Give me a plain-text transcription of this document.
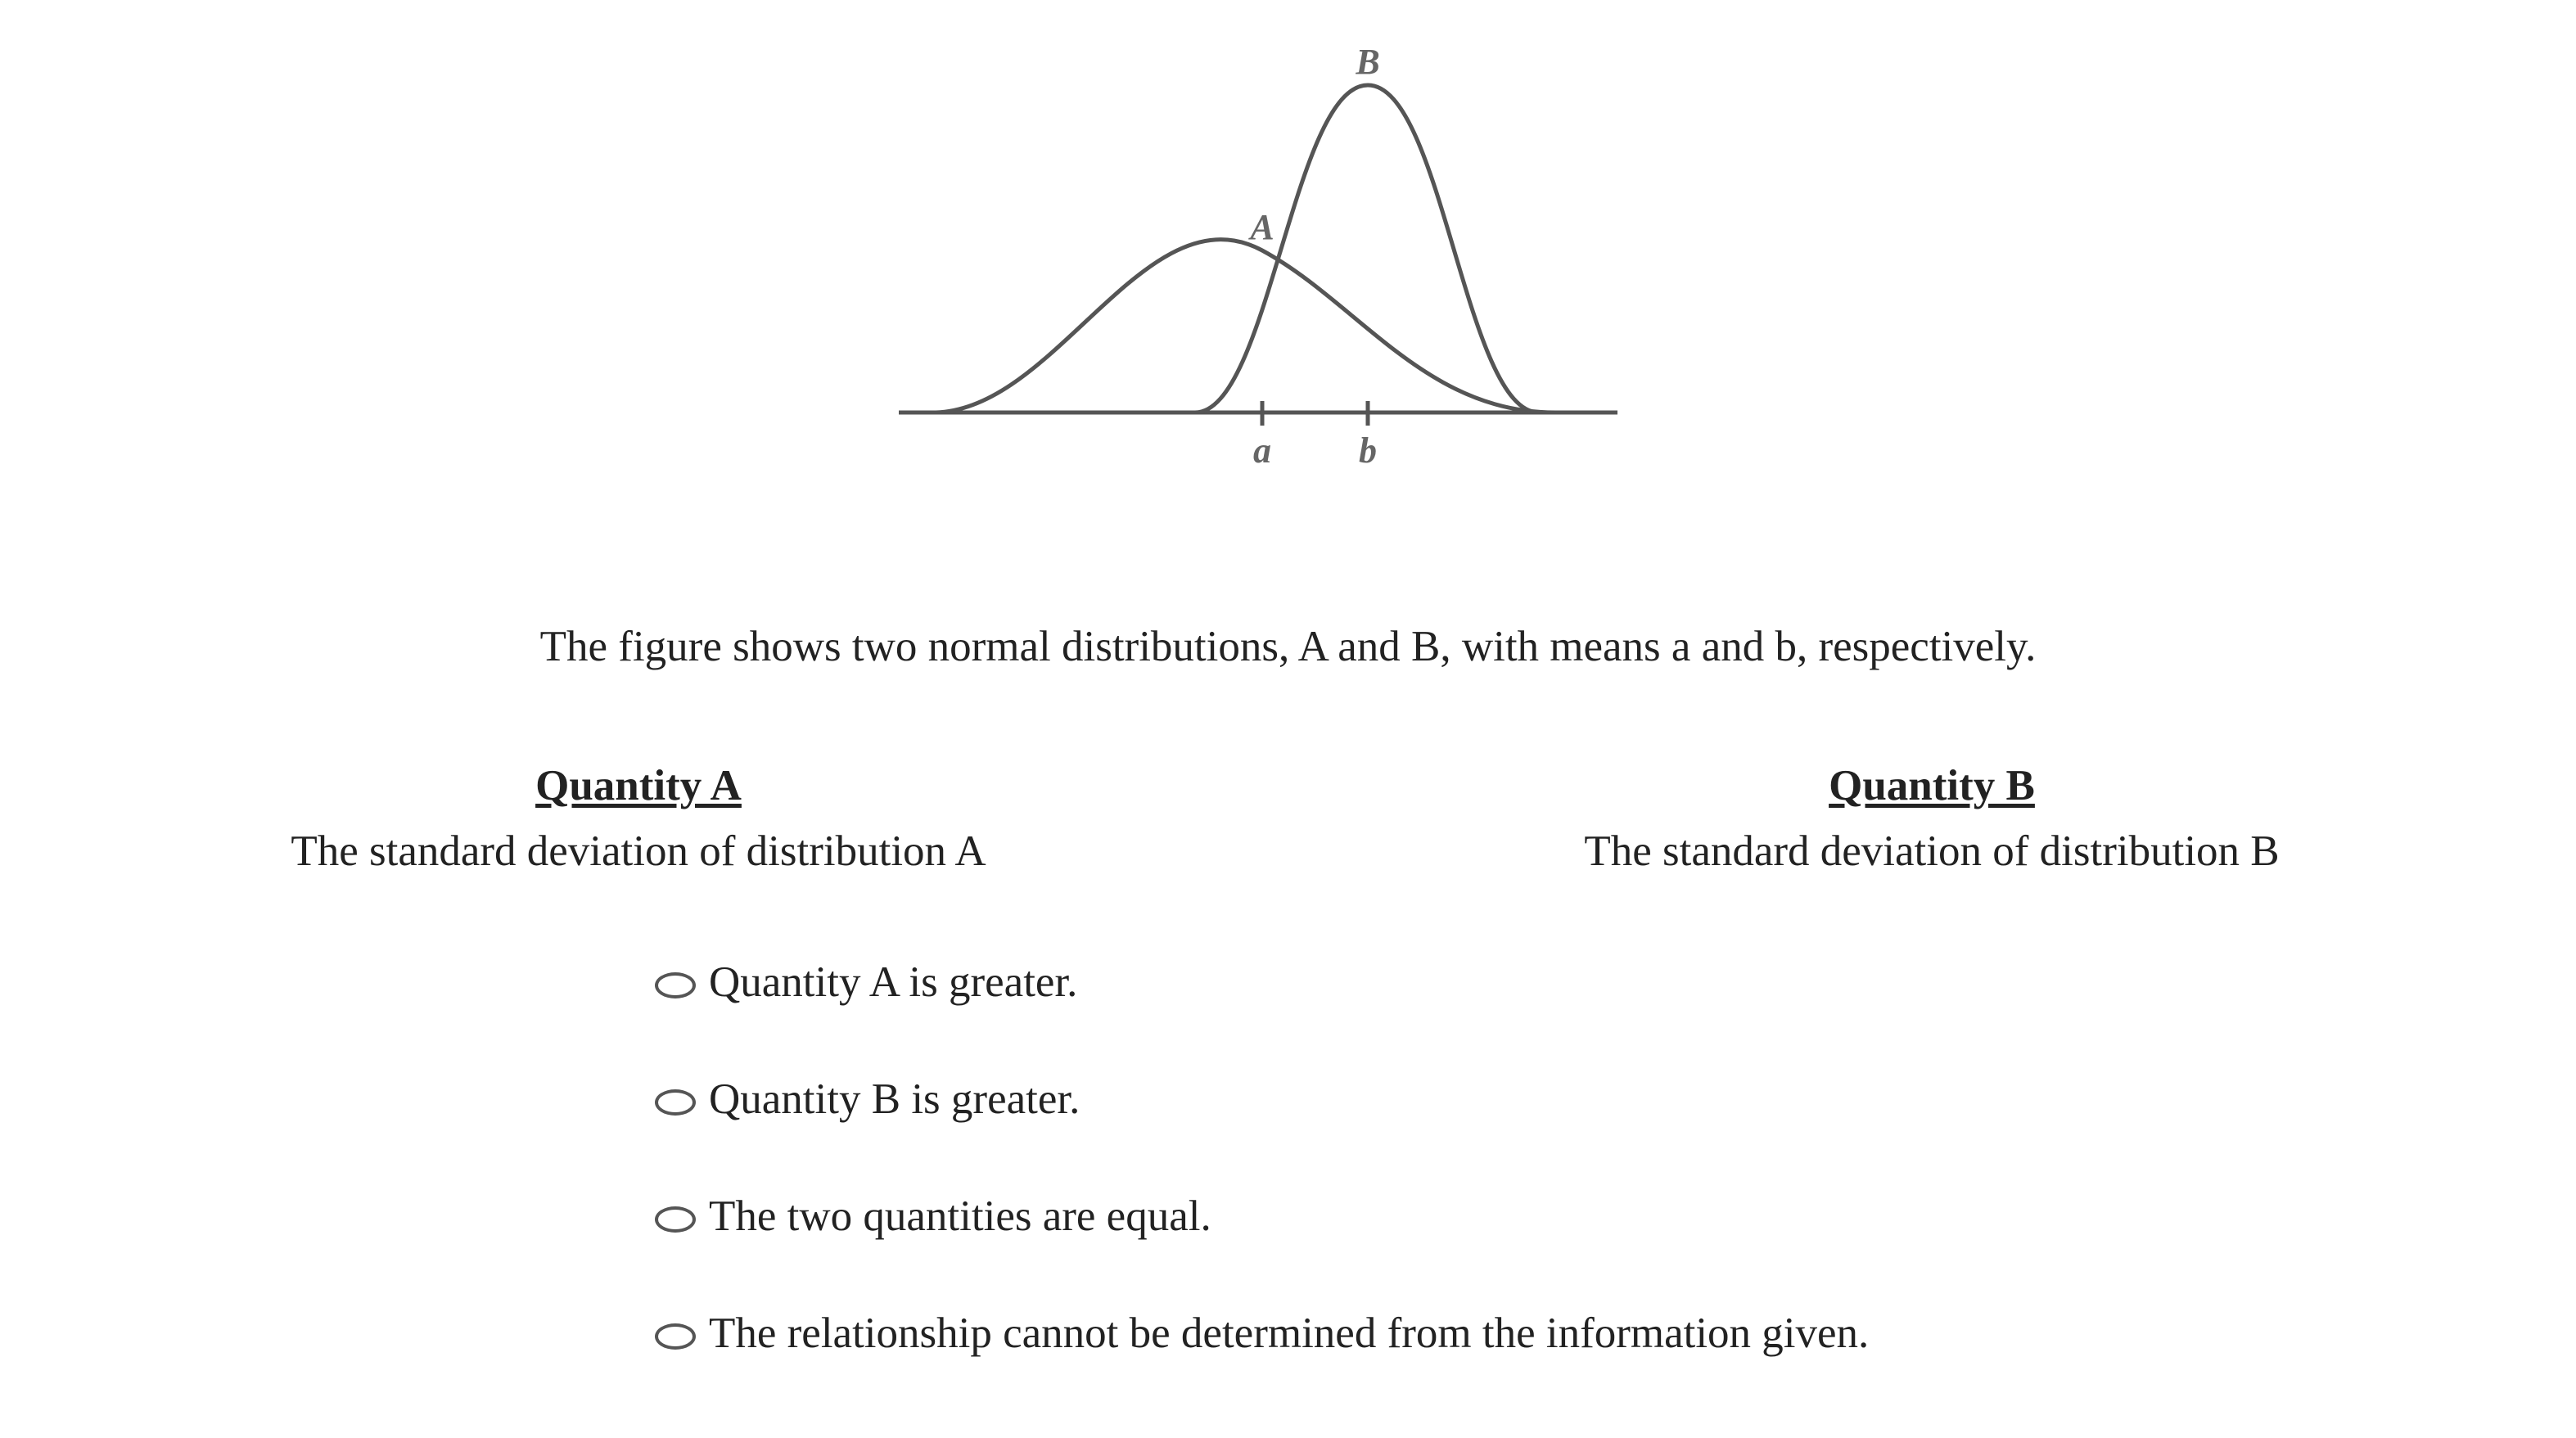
A
B
a b
The figure shows two normal distributions, A and B, with means a and b, respectively.
Quantity A
The standard deviation of distribution A
Quantity B
The standard deviation of distribution B
Quantity A is greater.
Quantity B is greater.
The two quantities are equal.
The relationship cannot be determined from the information given.
